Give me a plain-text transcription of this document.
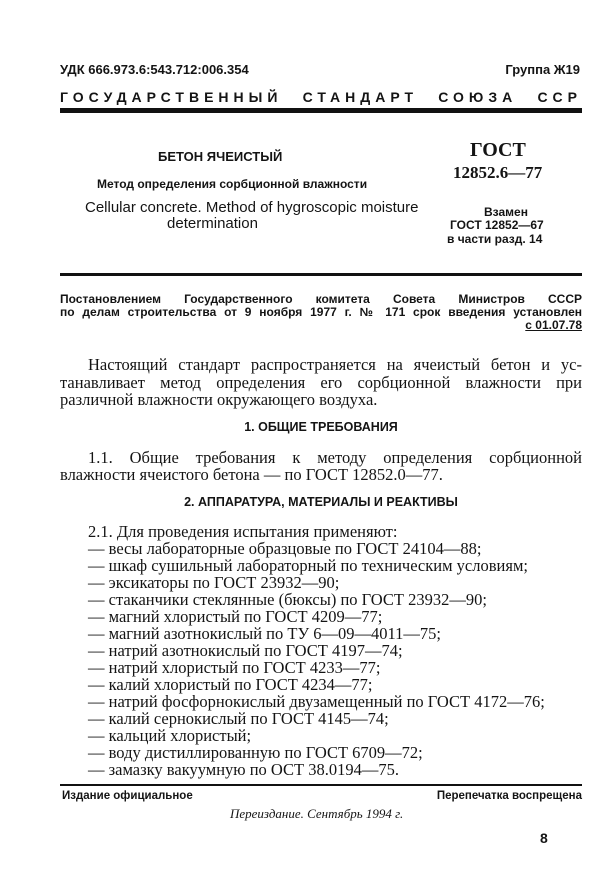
УДК 666.973.6:543.712:006.354	Группа Ж19
ГОСУДАРСТВЕННЫЙ СТАНДАРТ СОЮЗА ССР
БЕТОН ЯЧЕИСТЫЙ
Метод определения сорбционной влажности
Cellular concrete. Method of hygroscopic moisture
determination
ГОСТ
12852.6—77
Взамен
ГОСТ 12852—67
в части разд. 14
Постановлением Государственного комитета Совета Министров СССР
по делам строительства от 9 ноября 1977 г. № 171 срок введения установлен
с 01.07.78
Настоящий стандарт распространяется на ячеистый бетон и ус-
танавливает метод определения его сорбционной влажности при
различной влажности окружающего воздуха.
1. ОБЩИЕ ТРЕБОВАНИЯ
1.1. Общие требования к методу определения сорбционной
влажности ячеистого бетона — по ГОСТ 12852.0—77.
2. АППАРАТУРА, МАТЕРИАЛЫ И РЕАКТИВЫ
2.1. Для проведения испытания применяют:
— весы лабораторные образцовые по ГОСТ 24104—88;
— шкаф сушильный лабораторный по техническим условиям;
— эксикаторы по ГОСТ 23932—90;
— стаканчики стеклянные (бюксы) по ГОСТ 23932—90;
— магний хлористый по ГОСТ 4209—77;
— магний азотнокислый по ТУ 6—09—4011—75;
— натрий азотнокислый по ГОСТ 4197—74;
— натрий хлористый по ГОСТ 4233—77;
— калий хлористый по ГОСТ 4234—77;
— натрий фосфорнокислый двузамещенный по ГОСТ 4172—76;
— калий сернокислый по ГОСТ 4145—74;
— кальций хлористый;
— воду дистиллированную по ГОСТ 6709—72;
— замазку вакуумную по ОСТ 38.0194—75.
Издание официальное	Перепечатка воспрещена
Переиздание. Сентябрь 1994 г.
8
